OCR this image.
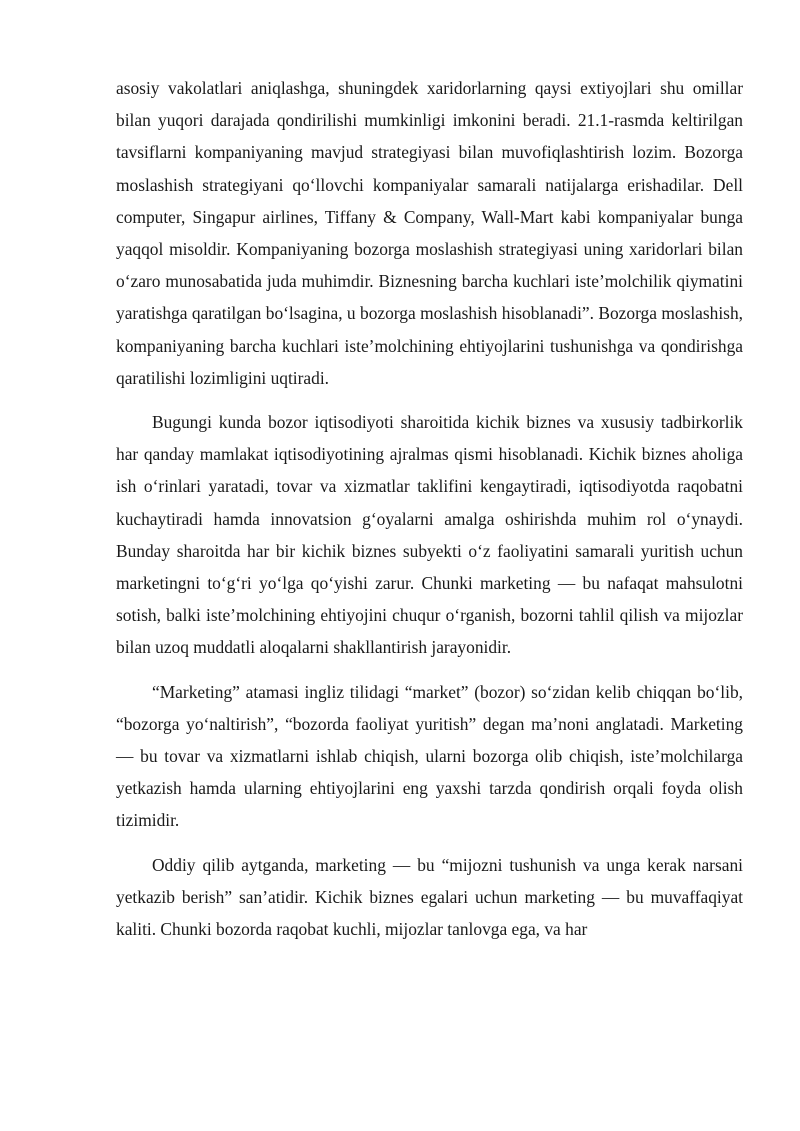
asosiy vakolatlari aniqlashga, shuningdek xaridorlarning qaysi extiyojlari shu omillar bilan yuqori darajada qondirilishi mumkinligi imkonini beradi. 21.1-rasmda keltirilgan tavsiflarni kompaniyaning mavjud strategiyasi bilan muvofiqlashtirish lozim. Bozorga moslashish strategiyani qo‘llovchi kompaniyalar samarali natijalarga erishadilar. Dell computer, Singapur airlines, Tiffany & Company, Wall-Mart kabi kompaniyalar bunga yaqqol misoldir. Kompaniyaning bozorga moslashish strategiyasi uning xaridorlari bilan o‘zaro munosabatida juda muhimdir. Biznesning barcha kuchlari iste’molchilik qiymatini yaratishga qaratilgan bo‘lsagina, u bozorga moslashish hisoblanadi”. Bozorga moslashish, kompaniyaning barcha kuchlari iste’molchining ehtiyojlarini tushunishga va qondirishga qaratilishi lozimligini uqtiradi.

Bugungi kunda bozor iqtisodiyoti sharoitida kichik biznes va xususiy tadbirkorlik har qanday mamlakat iqtisodiyotining ajralmas qismi hisoblanadi. Kichik biznes aholiga ish o‘rinlari yaratadi, tovar va xizmatlar taklifini kengaytiradi, iqtisodiyotda raqobatni kuchaytiradi hamda innovatsion g‘oyalarni amalga oshirishda muhim rol o‘ynaydi. Bunday sharoitda har bir kichik biznes subyekti o‘z faoliyatini samarali yuritish uchun marketingni to‘g‘ri yo‘lga qo‘yishi zarur. Chunki marketing — bu nafaqat mahsulotni sotish, balki iste’molchining ehtiyojini chuqur o‘rganish, bozorni tahlil qilish va mijozlar bilan uzoq muddatli aloqalarni shakllantirish jarayonidir.

“Marketing” atamasi ingliz tilidagi “market” (bozor) so‘zidan kelib chiqqan bo‘lib, “bozorga yo‘naltirish”, “bozorda faoliyat yuritish” degan ma’noni anglatadi. Marketing — bu tovar va xizmatlarni ishlab chiqish, ularni bozorga olib chiqish, iste’molchilarga yetkazish hamda ularning ehtiyojlarini eng yaxshi tarzda qondirish orqali foyda olish tizimidir.

Oddiy qilib aytganda, marketing — bu “mijozni tushunish va unga kerak narsani yetkazib berish” san’atidir. Kichik biznes egalari uchun marketing — bu muvaffaqiyat kaliti. Chunki bozorda raqobat kuchli, mijozlar tanlovga ega, va har
